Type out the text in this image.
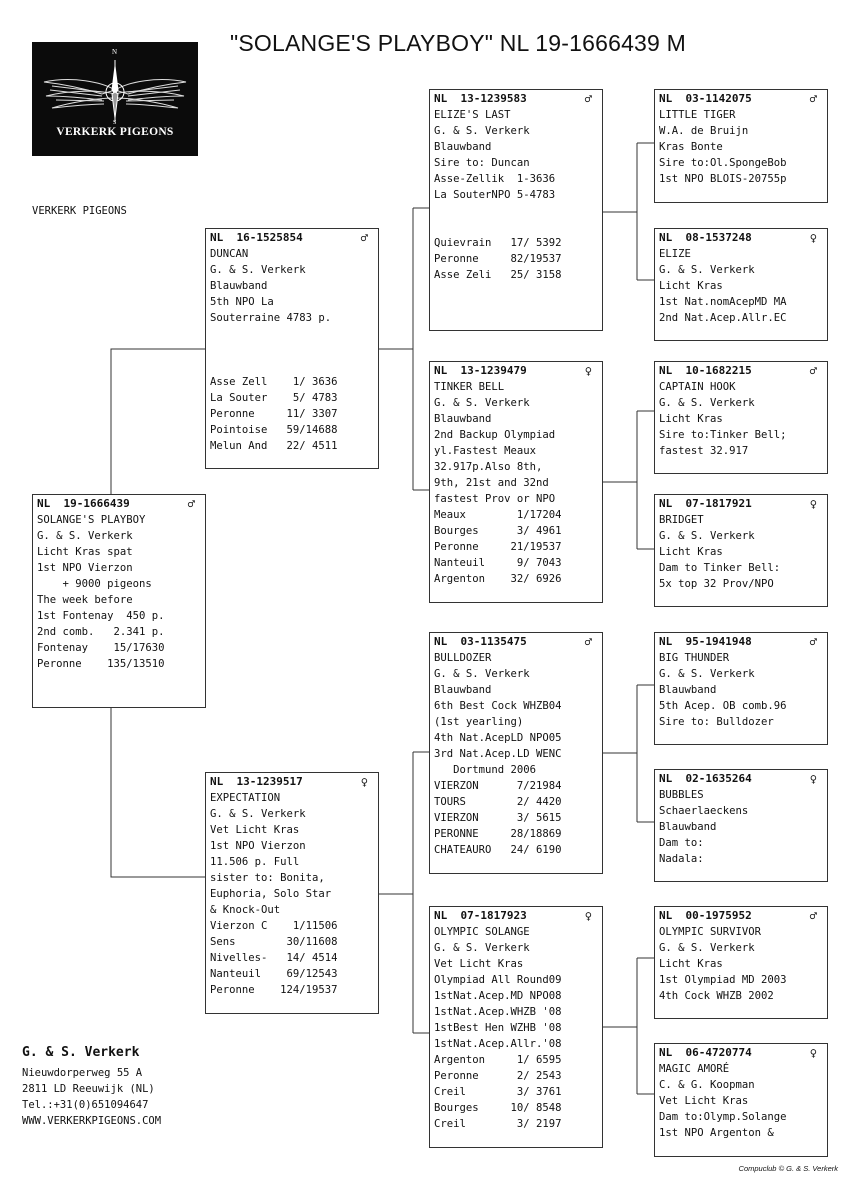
"SOLANGE'S PLAYBOY" NL 19-1666439 M
N
S
VERKERK PIGEONS
VERKERK PIGEONS
NL  19-1666439	♂
SOLANGE'S PLAYBOY
G. & S. Verkerk
Licht Kras spat
1st NPO Vierzon
+ 9000 pigeons
The week before
1st Fontenay  450 p.
2nd comb.   2.341 p.
Fontenay    15/17630
Peronne    135/13510
NL  16-1525854	♂
DUNCAN
G. & S. Verkerk
Blauwband
5th NPO La
Souterraine 4783 p.
Asse Zell    1/ 3636
La Souter    5/ 4783
Peronne     11/ 3307
Pointoise   59/14688
Melun And   22/ 4511
NL  13-1239517	♀
EXPECTATION
G. & S. Verkerk
Vet Licht Kras
1st NPO Vierzon
11.506 p. Full
sister to: Bonita,
Euphoria, Solo Star
& Knock-Out
Vierzon C    1/11506
Sens        30/11608
Nivelles-   14/ 4514
Nanteuil    69/12543
Peronne    124/19537
NL  13-1239583	♂
ELIZE'S LAST
G. & S. Verkerk
Blauwband
Sire to: Duncan
Asse-Zellik  1-3636
La SouterNPO 5-4783
Quievrain   17/ 5392
Peronne     82/19537
Asse Zeli   25/ 3158
NL  13-1239479	♀
TINKER BELL
G. & S. Verkerk
Blauwband
2nd Backup Olympiad
yl.Fastest Meaux
32.917p.Also 8th,
9th, 21st and 32nd
fastest Prov or NPO
Meaux        1/17204
Bourges      3/ 4961
Peronne     21/19537
Nanteuil     9/ 7043
Argenton    32/ 6926
NL  03-1135475	♂
BULLDOZER
G. & S. Verkerk
Blauwband
6th Best Cock WHZB04
(1st yearling)
4th Nat.AcepLD NPO05
3rd Nat.Acep.LD WENC
Dortmund 2006
VIERZON      7/21984
TOURS        2/ 4420
VIERZON      3/ 5615
PERONNE     28/18869
CHATEAURO   24/ 6190
NL  07-1817923	♀
OLYMPIC SOLANGE
G. & S. Verkerk
Vet Licht Kras
Olympiad All Round09
1stNat.Acep.MD NPO08
1stNat.Acep.WHZB '08
1stBest Hen WZHB '08
1stNat.Acep.Allr.'08
Argenton     1/ 6595
Peronne      2/ 2543
Creil        3/ 3761
Bourges     10/ 8548
Creil        3/ 2197
NL  03-1142075	♂
LITTLE TIGER
W.A. de Bruijn
Kras Bonte
Sire to:Ol.SpongeBob
1st NPO BLOIS-20755p
NL  08-1537248	♀
ELIZE
G. & S. Verkerk
Licht Kras
1st Nat.nomAcepMD MA
2nd Nat.Acep.Allr.EC
NL  10-1682215	♂
CAPTAIN HOOK
G. & S. Verkerk
Licht Kras
Sire to:Tinker Bell;
fastest 32.917
NL  07-1817921	♀
BRIDGET
G. & S. Verkerk
Licht Kras
Dam to Tinker Bell:
5x top 32 Prov/NPO
NL  95-1941948	♂
BIG THUNDER
G. & S. Verkerk
Blauwband
5th Acep. OB comb.96
Sire to: Bulldozer
NL  02-1635264	♀
BUBBLES
Schaerlaeckens
Blauwband
Dam to:
Nadala:
NL  00-1975952	♂
OLYMPIC SURVIVOR
G. & S. Verkerk
Licht Kras
1st Olympiad MD 2003
4th Cock WHZB 2002
NL  06-4720774	♀
MAGIC AMORÉ
C. & G. Koopman
Vet Licht Kras
Dam to:Olymp.Solange
1st NPO Argenton &
G. & S. Verkerk
Nieuwdorperweg 55 A
2811 LD Reeuwijk (NL)
Tel.:+31(0)651094647
WWW.VERKERKPIGEONS.COM
Compuclub © G. & S. Verkerk
